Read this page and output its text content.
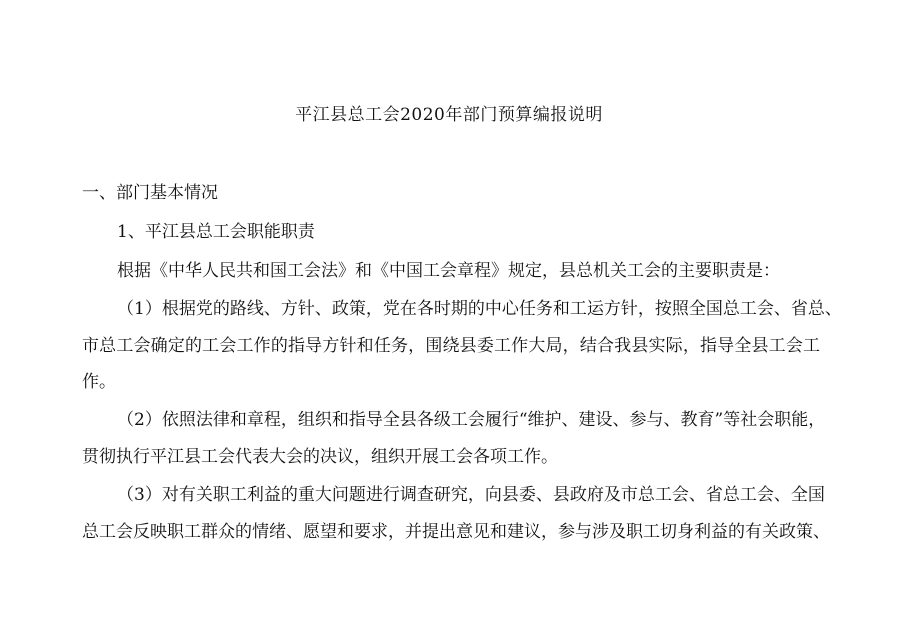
平江县总工会2020年部门预算编报说明
一、部门基本情况
1、平江县总工会职能职责
根据《中华人民共和国工会法》和《中国工会章程》规定，县总机关工会的主要职责是：
（1）根据党的路线、方针、政策，党在各时期的中心任务和工运方针，按照全国总工会、省总、
市总工会确定的工会工作的指导方针和任务，围绕县委工作大局，结合我县实际，指导全县工会工
作。
（2）依照法律和章程，组织和指导全县各级工会履行“维护、建设、参与、教育”等社会职能，
贯彻执行平江县工会代表大会的决议，组织开展工会各项工作。
（3）对有关职工利益的重大问题进行调查研究，向县委、县政府及市总工会、省总工会、全国
总工会反映职工群众的情绪、愿望和要求，并提出意见和建议，参与涉及职工切身利益的有关政策、
